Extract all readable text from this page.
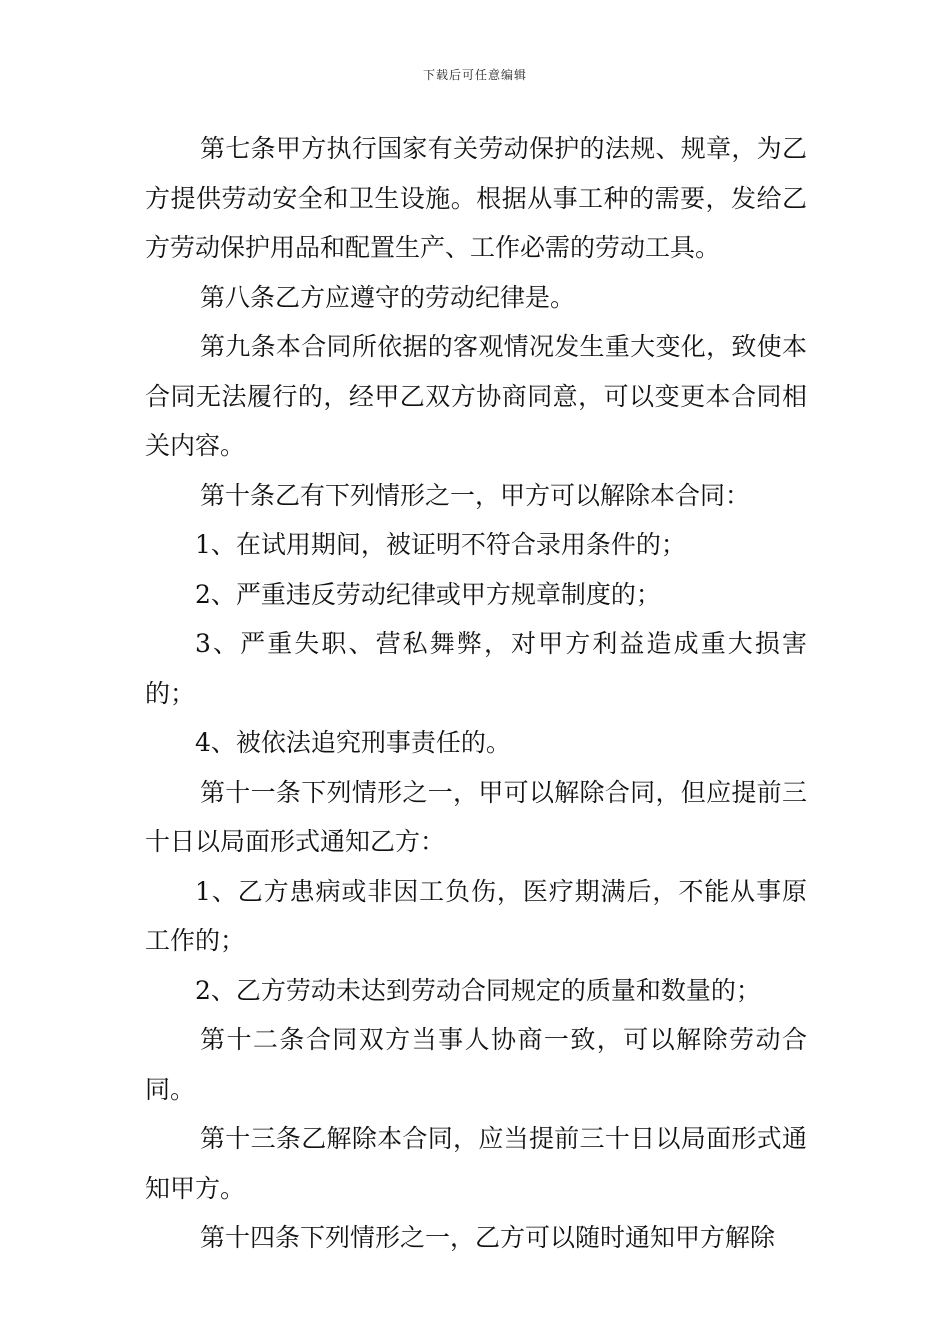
下载后可任意编辑

第七条甲方执行国家有关劳动保护的法规、规章，为乙方提供劳动安全和卫生设施。根据从事工种的需要，发给乙方劳动保护用品和配置生产、工作必需的劳动工具。

第八条乙方应遵守的劳动纪律是。

第九条本合同所依据的客观情况发生重大变化，致使本合同无法履行的，经甲乙双方协商同意，可以变更本合同相关内容。

第十条乙有下列情形之一，甲方可以解除本合同：

1、在试用期间，被证明不符合录用条件的；

2、严重违反劳动纪律或甲方规章制度的；

3、严重失职、营私舞弊，对甲方利益造成重大损害的；

4、被依法追究刑事责任的。

第十一条下列情形之一，甲可以解除合同，但应提前三十日以局面形式通知乙方：

1、乙方患病或非因工负伤，医疗期满后，不能从事原工作的；

2、乙方劳动未达到劳动合同规定的质量和数量的；

第十二条合同双方当事人协商一致，可以解除劳动合同。

第十三条乙解除本合同，应当提前三十日以局面形式通知甲方。

第十四条下列情形之一，乙方可以随时通知甲方解除
